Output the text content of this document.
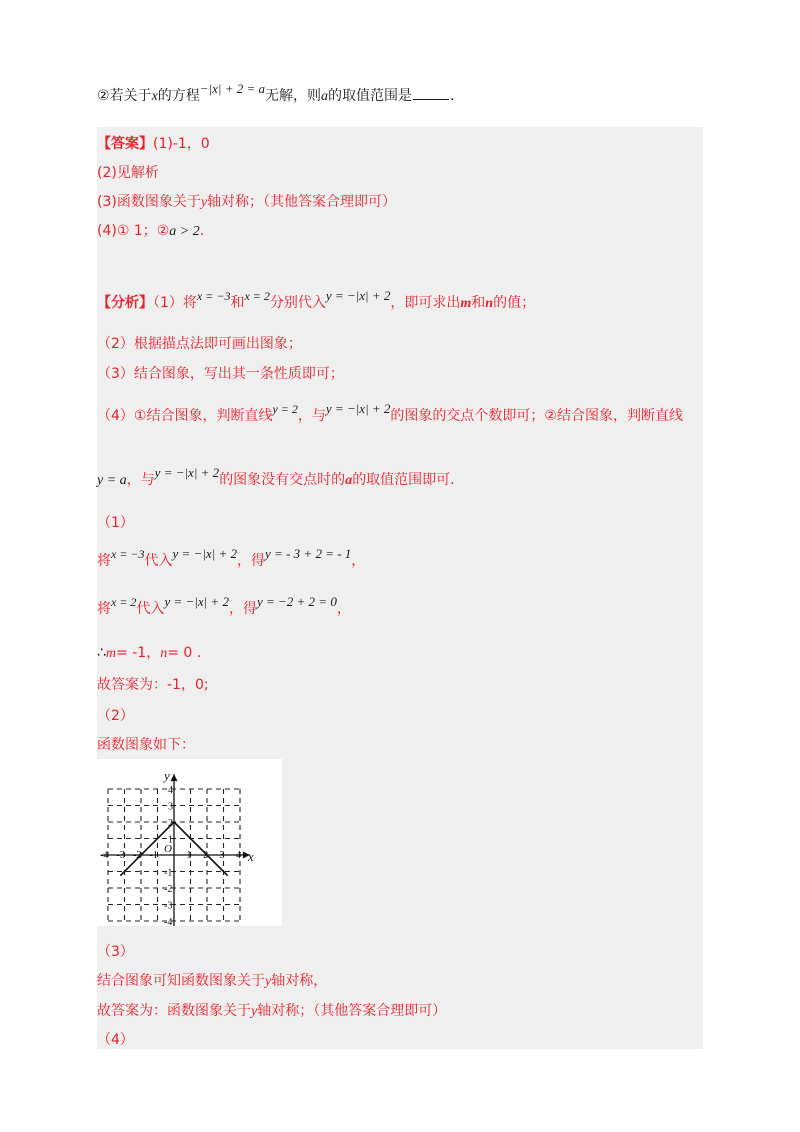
②若关于x的方程−|x| + 2 = a无解，则a的取值范围是	.
【答案】(1)-1，0
(2)见解析
(3)函数图象关于y轴对称；（其他答案合理即可）
(4)① 1；②a > 2.
【分析】（1）将x = −3和x = 2分别代入y = −|x| + 2，即可求出m和n的值；
（2）根据描点法即可画出图象；
（3）结合图象，写出其一条性质即可；
（4）①结合图象，判断直线y = 2，与y = −|x| + 2的图象的交点个数即可；②结合图象，判断直线
y = a，与y = −|x| + 2的图象没有交点时的a的取值范围即可.
（1）
将x = −3代入y = −|x| + 2，得y = - 3 + 2 = - 1，
将x = 2代入y = −|x| + 2，得y = −2 + 2 = 0，
∴m= -1，n= 0 .
故答案为：-1，0;
（2）
函数图象如下：
x
y
O
-4 -3 -2 -1	1 2 3 4
4
3
2
1
-1
-2
-3
-4
（3）
结合图象可知函数图象关于y轴对称，
故答案为：函数图象关于y轴对称；（其他答案合理即可）
（4）
